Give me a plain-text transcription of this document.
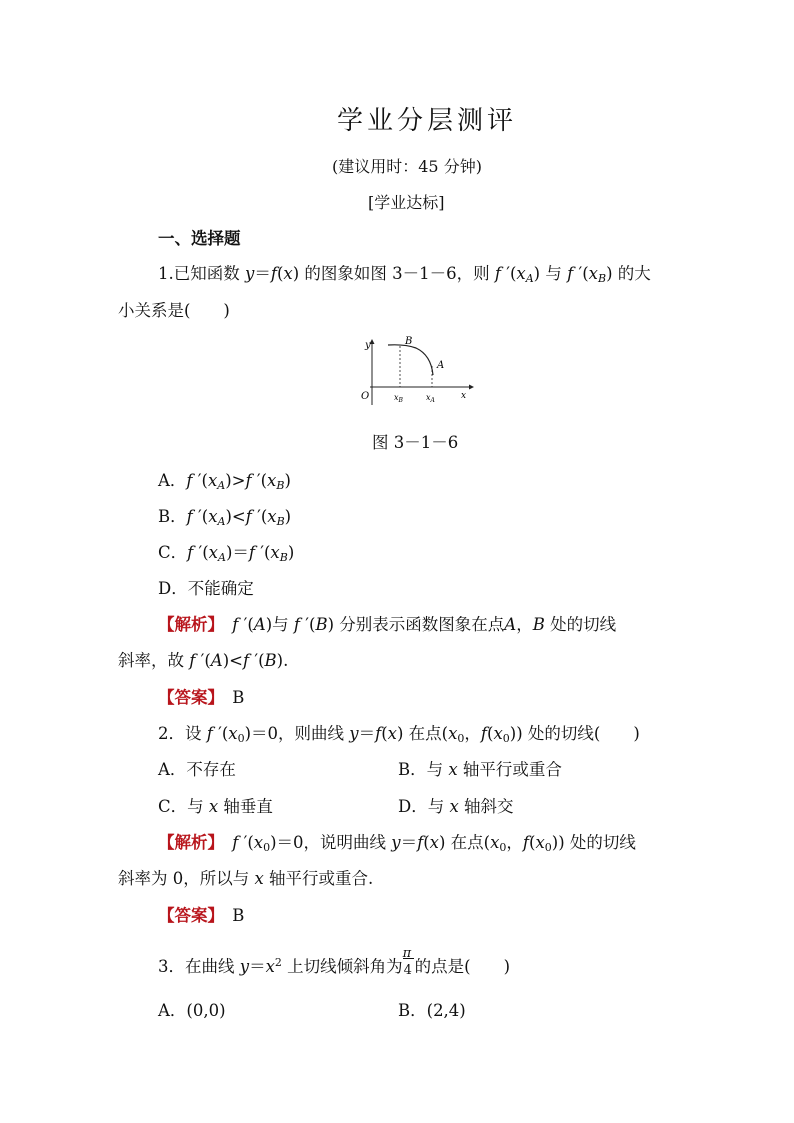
学业分层测评
(建议用时：45 分钟)
[学业达标]
一、选择题
1.已知函数 y＝f(x) 的图象如图 3－1－6，则 f $'(x_A)$ 与 f $'(x_B)$ 的大
小关系是(　　)
y
x
O
B
A
$x_B$	$x_A$
图 3－1－6
A．f $'(x_A)>f$ $'(x_B)$
B．f $'(x_A)<f$ $'(x_B)$
C．f $'(x_A)=f$ $'(x_B)$
D．不能确定
【解析】　 f ′(A)与 f ′(B) 分别表示函数图象在点A，B 处的切线
斜率，故 f ′(A)<f ′(B).
【答案】　 B
2．设 f $'(x_0)=0$，则曲线 y＝f(x) 在点($x_0$，$f(x_0)$) 处的切线(　　)
A．不存在	B．与 x 轴平行或重合
C．与 x 轴垂直	D．与 x 轴斜交
【解析】　 f $'(x_0)=0$，说明曲线 y＝f(x) 在点($x_0$，$f(x_0)$) 处的切线
斜率为 0，所以与 x 轴平行或重合.
【答案】　 B
3．在曲线 $y=x^2$ 上切线倾斜角为 $\frac{\pi}{4}$ 的点是(　　)
A．(0,0)	B．(2,4)
